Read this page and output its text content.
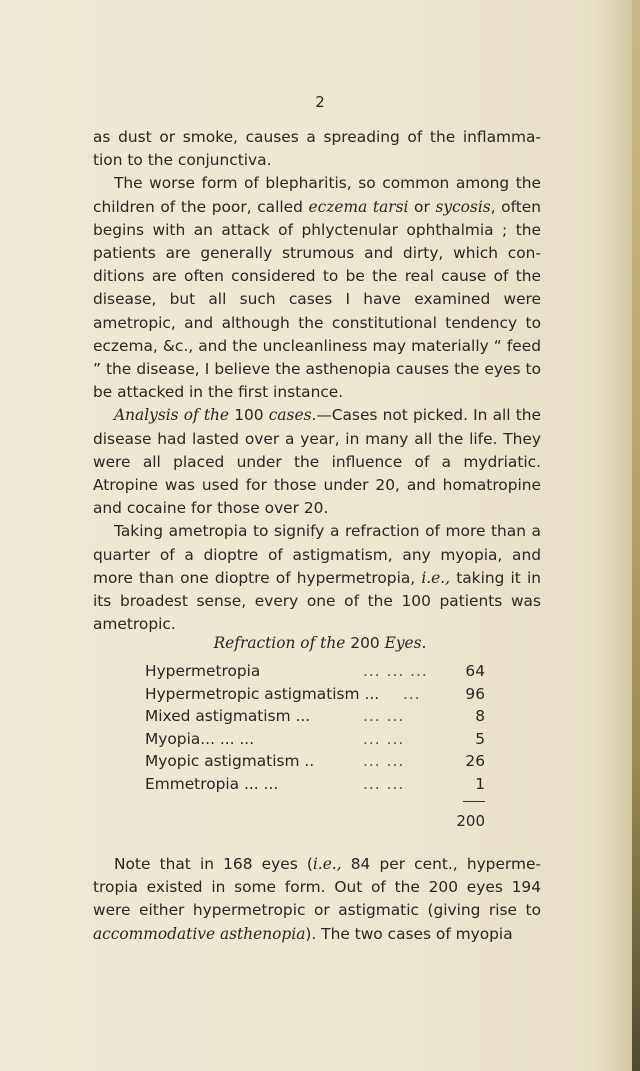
2

as dust or smoke, causes a spreading of the inflamma-tion to the conjunctiva.

The worse form of blepharitis, so common among the children of the poor, called eczema tarsi or sycosis, often begins with an attack of phlyctenular ophthalmia ; the patients are generally strumous and dirty, which con-ditions are often considered to be the real cause of the disease, but all such cases I have examined were ametropic, and although the constitutional tendency to eczema, &c., and the uncleanliness may materially “ feed ” the disease, I believe the asthenopia causes the eyes to be attacked in the first instance.

Analysis of the 100 cases.—Cases not picked. In all the disease had lasted over a year, in many all the life. They were all placed under the influence of a mydriatic. Atropine was used for those under 20, and homatropine and cocaine for those over 20.

Taking ametropia to signify a refraction of more than a quarter of a dioptre of astigmatism, any myopia, and more than one dioptre of hypermetropia, i.e., taking it in its broadest sense, every one of the 100 patients was ametropic.

Refraction of the 200 Eyes.
Hypermetropia	... ... ...	64
Hypermetropic astigmatism ... ...	96
Mixed astigmatism ...	... ...	8
Myopia... ... ...	... ...	5
Myopic astigmatism ..	... ...	26
Emmetropia ... ...	... ...	1
200

Note that in 168 eyes (i.e., 84 per cent., hyperme-tropia existed in some form. Out of the 200 eyes 194 were either hypermetropic or astigmatic (giving rise to accommodative asthenopia). The two cases of myopia
